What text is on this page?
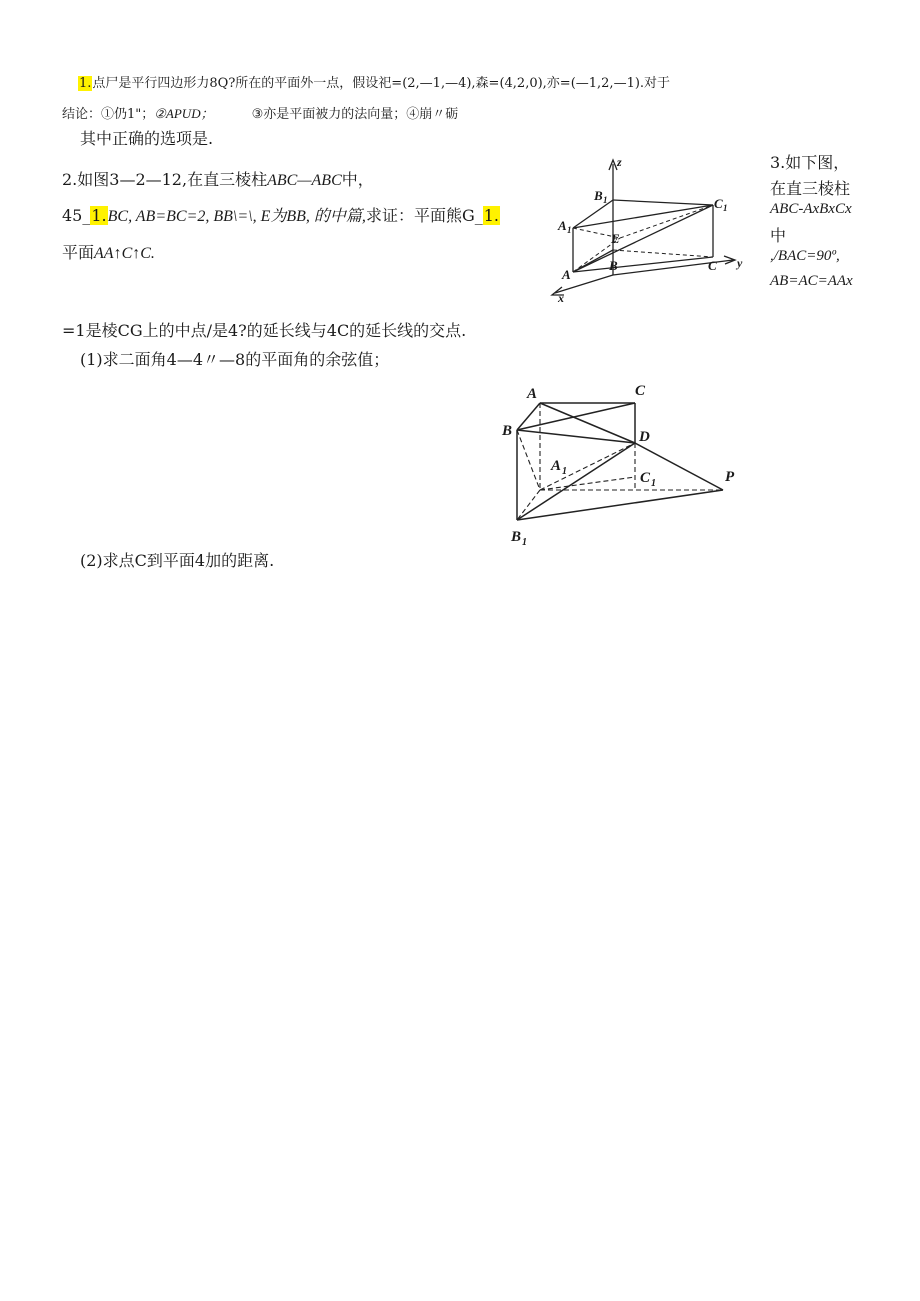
1.点尸是平行四边形力8Q?所在的平面外一点，假设祀=(2,—1,—4),森=(4,2,0),亦=(—1,2,—1).对于
结论：①仍1"；②APUD；	③亦是平面被力的法向量；④崩〃砺
其中正确的选项是.
2.如图3—2—12,在直三棱柱ABC—ABC中，
45_1.BC, AB=BC=2, BB\=\, E为BB, 的中篇,求证：平面熊G_1.
平面AA↑C↑C.
z
y
x
B 1	C 1
A 1
E
B	C
A
3.如下图，
在直三棱柱
ABC-AxBxCx
中
,/BAC=90º,
AB=AC=AAx
=1是棱CG上的中点/是4?的延长线与4C的延长线的交点.
(1)求二面角4—4〃—8的平面角的余弦值；
A	C
B	D
A 1	C 1	P
B 1
(2)求点C到平面4加的距离.
